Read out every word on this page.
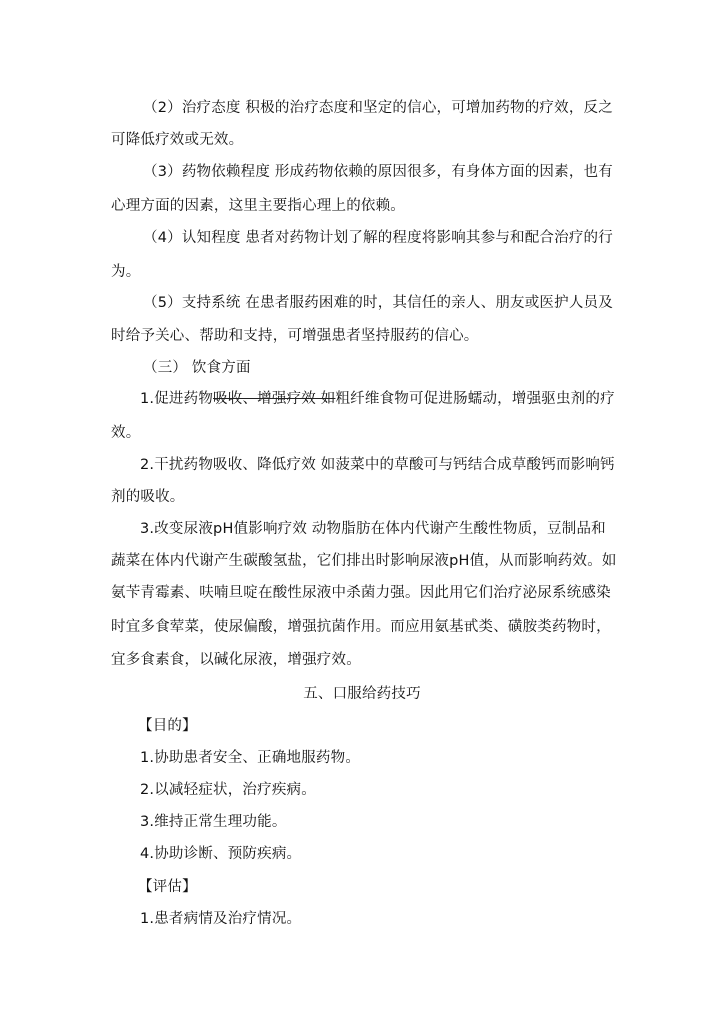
（2）治疗态度 积极的治疗态度和坚定的信心，可增加药物的疗效，反之
可降低疗效或无效。
（3）药物依赖程度 形成药物依赖的原因很多，有身体方面的因素，也有
心理方面的因素，这里主要指心理上的依赖。
（4）认知程度 患者对药物计划了解的程度将影响其参与和配合治疗的行
为。
（5）支持系统 在患者服药困难的时，其信任的亲人、朋友或医护人员及
时给予关心、帮助和支持，可增强患者坚持服药的信心。
（三） 饮食方面
1.促进药物吸收、增强疗效 如粗纤维食物可促进肠蠕动，增强驱虫剂的疗
效。
2.干扰药物吸收、降低疗效 如菠菜中的草酸可与钙结合成草酸钙而影响钙
剂的吸收。
3.改变尿液pH值影响疗效 动物脂肪在体内代谢产生酸性物质，豆制品和
蔬菜在体内代谢产生碳酸氢盐，它们排出时影响尿液pH值，从而影响药效。如
氨苄青霉素、呋喃旦啶在酸性尿液中杀菌力强。因此用它们治疗泌尿系统感染
时宜多食荤菜，使尿偏酸，增强抗菌作用。而应用氨基甙类、磺胺类药物时，
宜多食素食，以碱化尿液，增强疗效。
五、口服给药技巧
【目的】
1.协助患者安全、正确地服药物。
2.以减轻症状，治疗疾病。
3.维持正常生理功能。
4.协助诊断、预防疾病。
【评估】
1.患者病情及治疗情况。
